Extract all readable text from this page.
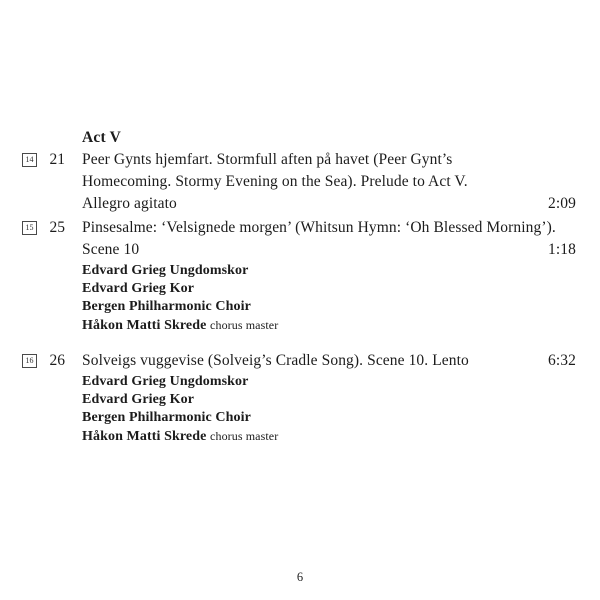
Act V
14	21 Peer Gynts hjemfart. Stormfull aften på havet (Peer Gynt’s
Homecoming. Stormy Evening on the Sea). Prelude to Act V.
Allegro agitato	2:09
15	25 Pinsesalme: ‘Velsignede morgen’ (Whitsun Hymn: ‘Oh Blessed Morning’).
Scene 10	1:18
Edvard Grieg Ungdomskor
Edvard Grieg Kor
Bergen Philharmonic Choir
Håkon Matti Skrede chorus master
16	26 Solveigs vuggevise (Solveig’s Cradle Song). Scene 10. Lento	6:32
Edvard Grieg Ungdomskor
Edvard Grieg Kor
Bergen Philharmonic Choir
Håkon Matti Skrede chorus master
6
